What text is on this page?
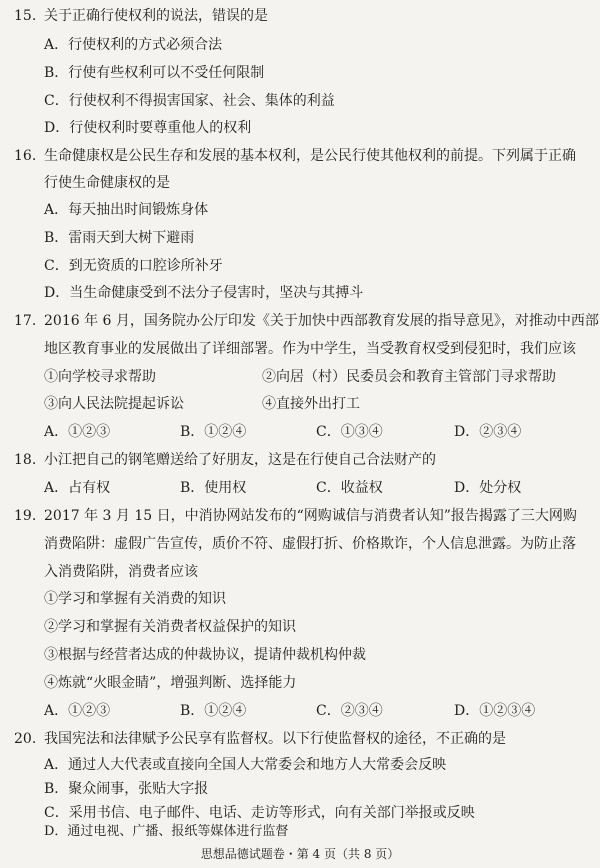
15. 关于正确行使权利的说法，错误的是
A．行使权利的方式必须合法
B．行使有些权利可以不受任何限制
C．行使权利不得损害国家、社会、集体的利益
D．行使权利时要尊重他人的权利
16. 生命健康权是公民生存和发展的基本权利，是公民行使其他权利的前提。下列属于正确
行使生命健康权的是
A．每天抽出时间锻炼身体
B．雷雨天到大树下避雨
C．到无资质的口腔诊所补牙
D．当生命健康受到不法分子侵害时，坚决与其搏斗
17. 2016 年 6 月，国务院办公厅印发《关于加快中西部教育发展的指导意见》，对推动中西部
地区教育事业的发展做出了详细部署。作为中学生，当受教育权受到侵犯时，我们应该
①向学校寻求帮助	②向居（村）民委员会和教育主管部门寻求帮助
③向人民法院提起诉讼	④直接外出打工
A．①②③	B．①②④	C．①③④	D．②③④
18. 小江把自己的钢笔赠送给了好朋友，这是在行使自己合法财产的
A．占有权	B．使用权	C．收益权	D．处分权
19. 2017 年 3 月 15 日，中消协网站发布的“网购诚信与消费者认知”报告揭露了三大网购
消费陷阱：虚假广告宣传，质价不符、虚假打折、价格欺诈，个人信息泄露。为防止落
入消费陷阱，消费者应该
①学习和掌握有关消费的知识
②学习和掌握有关消费者权益保护的知识
③根据与经营者达成的仲裁协议，提请仲裁机构仲裁
④炼就“火眼金睛”，增强判断、选择能力
A．①②③	B．①②④	C．②③④	D．①②③④
20. 我国宪法和法律赋予公民享有监督权。以下行使监督权的途径，不正确的是
A．通过人大代表或直接向全国人大常委会和地方人大常委会反映
B．聚众闹事，张贴大字报
C．采用书信、电子邮件、电话、走访等形式，向有关部门举报或反映
D．通过电视、广播、报纸等媒体进行监督
思想品德试题卷・第 4 页（共 8 页）
